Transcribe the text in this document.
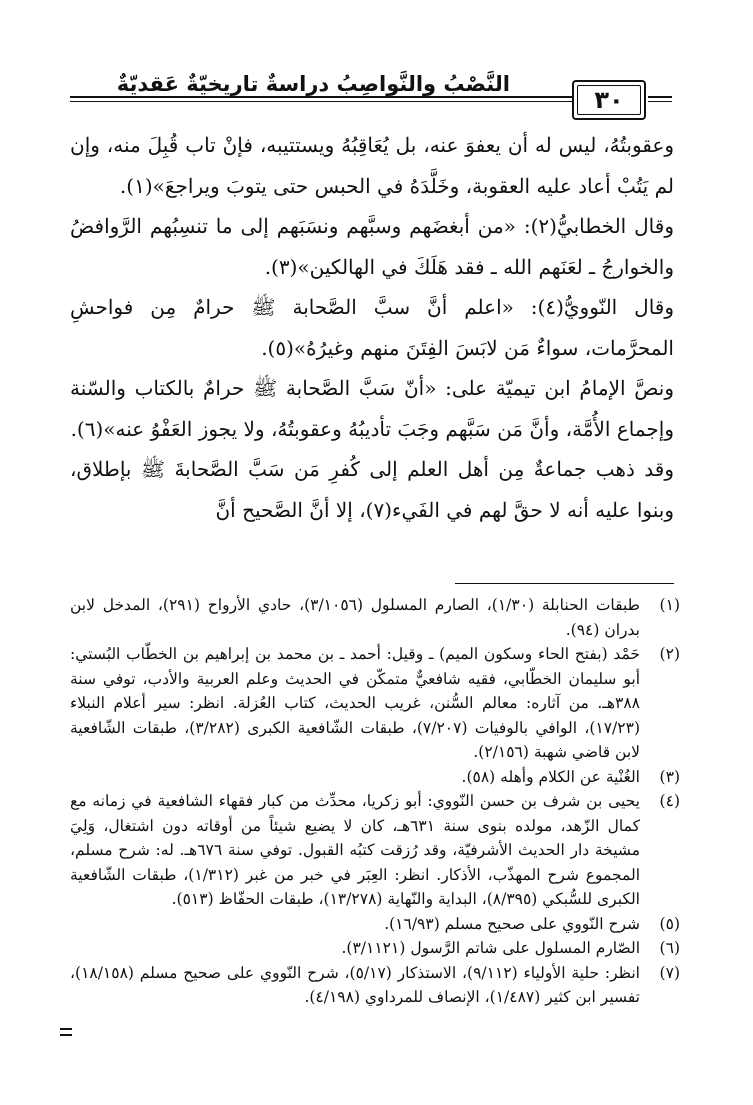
النَّصْبُ والنَّواصِبُ دراسةٌ تاريخيّةٌ عَقديّةٌ
٣٠

وعقوبتُهُ، ليس له أن يعفوَ عنه، بل يُعَاقِبُهُ ويستتيبه، فإنْ تاب قُبِلَ منه، وإن لم يَتُبْ أعاد عليه العقوبة، وخَلَّدَهُ في الحبس حتى يتوبَ ويراجعَ»(١).

وقال الخطابيُّ(٢): «من أبغضَهم وسبَّهم ونسَبَهم إلى ما تنسِبُهم الرَّوافضُ والخوارجُ ـ لعَنَهم الله ـ فقد هَلَكَ في الهالكين»(٣).

وقال النّوويُّ(٤): «اعلم أنَّ سبَّ الصَّحابة ﷺ حرامٌ مِن فواحشِ المحرَّمات، سواءٌ مَن لابَسَ الفِتَنَ منهم وغيرُهُ»(٥).

ونصَّ الإمامُ ابن تيميّة على: «أنّ سَبَّ الصَّحابة ﷺ حرامٌ بالكتاب والسّنة وإجماع الأُمَّة، وأنَّ مَن سَبَّهم وجَبَ تأديبُهُ وعقوبتُهُ، ولا يجوز العَفْوُ عنه»(٦).

وقد ذهب جماعةٌ مِن أهل العلم إلى كُفرِ مَن سَبَّ الصَّحابةَ ﷺ بإطلاق، وبنوا عليه أنه لا حقَّ لهم في الفَيء(٧)، إلا أنَّ الصَّحيح أنَّ

(١)
طبقات الحنابلة (١/٣٠)، الصارم المسلول (٣/١٠٥٦)، حادي الأرواح (٢٩١)، المدخل لابن بدران (٩٤).
(٢)
حَمْد (بفتح الحاء وسكون الميم) ـ وقيل: أحمد ـ بن محمد بن إبراهيم بن الخطّاب البُستي: أبو سليمان الخطّابي، فقيه شافعيٌّ متمكّن في الحديث وعلم العربية والأدب، توفي سنة ٣٨٨هـ. من آثاره: معالم السُّنن، غريب الحديث، كتاب العُزلة. انظر: سير أعلام النبلاء (١٧/٢٣)، الوافي بالوفيات (٧/٢٠٧)، طبقات الشّافعية الكبرى (٣/٢٨٢)، طبقات الشّافعية لابن قاضي شهبة (٢/١٥٦).
(٣)
الغُنْية عن الكلام وأهله (٥٨).
(٤)
يحيى بن شرف بن حسن النّووي: أبو زكريا، محدِّث من كبار فقهاء الشافعية في زمانه مع كمال الزّهد، مولده بنوى سنة ٦٣١هـ، كان لا يضيع شيئاً من أوقاته دون اشتغال، وَلِيَ مشيخة دار الحديث الأشرفيّة، وقد رُزقت كتبُه القبول. توفي سنة ٦٧٦هـ. له: شرح مسلم، المجموع شرح المهذّب، الأذكار. انظر: العِبَر في خبر من غبر (١/٣١٢)، طبقات الشّافعية الكبرى للسُّبكي (٨/٣٩٥)، البداية والنّهاية (١٣/٢٧٨)، طبقات الحفّاظ (٥١٣).
(٥)
شرح النّووي على صحيح مسلم (١٦/٩٣).
(٦)
الصّارم المسلول على شاتم الرَّسول (٣/١١٢١).
(٧)
انظر: حلية الأولياء (٩/١١٢)، الاستذكار (٥/١٧)، شرح النّووي على صحيح مسلم (١٨/١٥٨)، تفسير ابن كثير (١/٤٨٧)، الإنصاف للمرداوي (٤/١٩٨).
